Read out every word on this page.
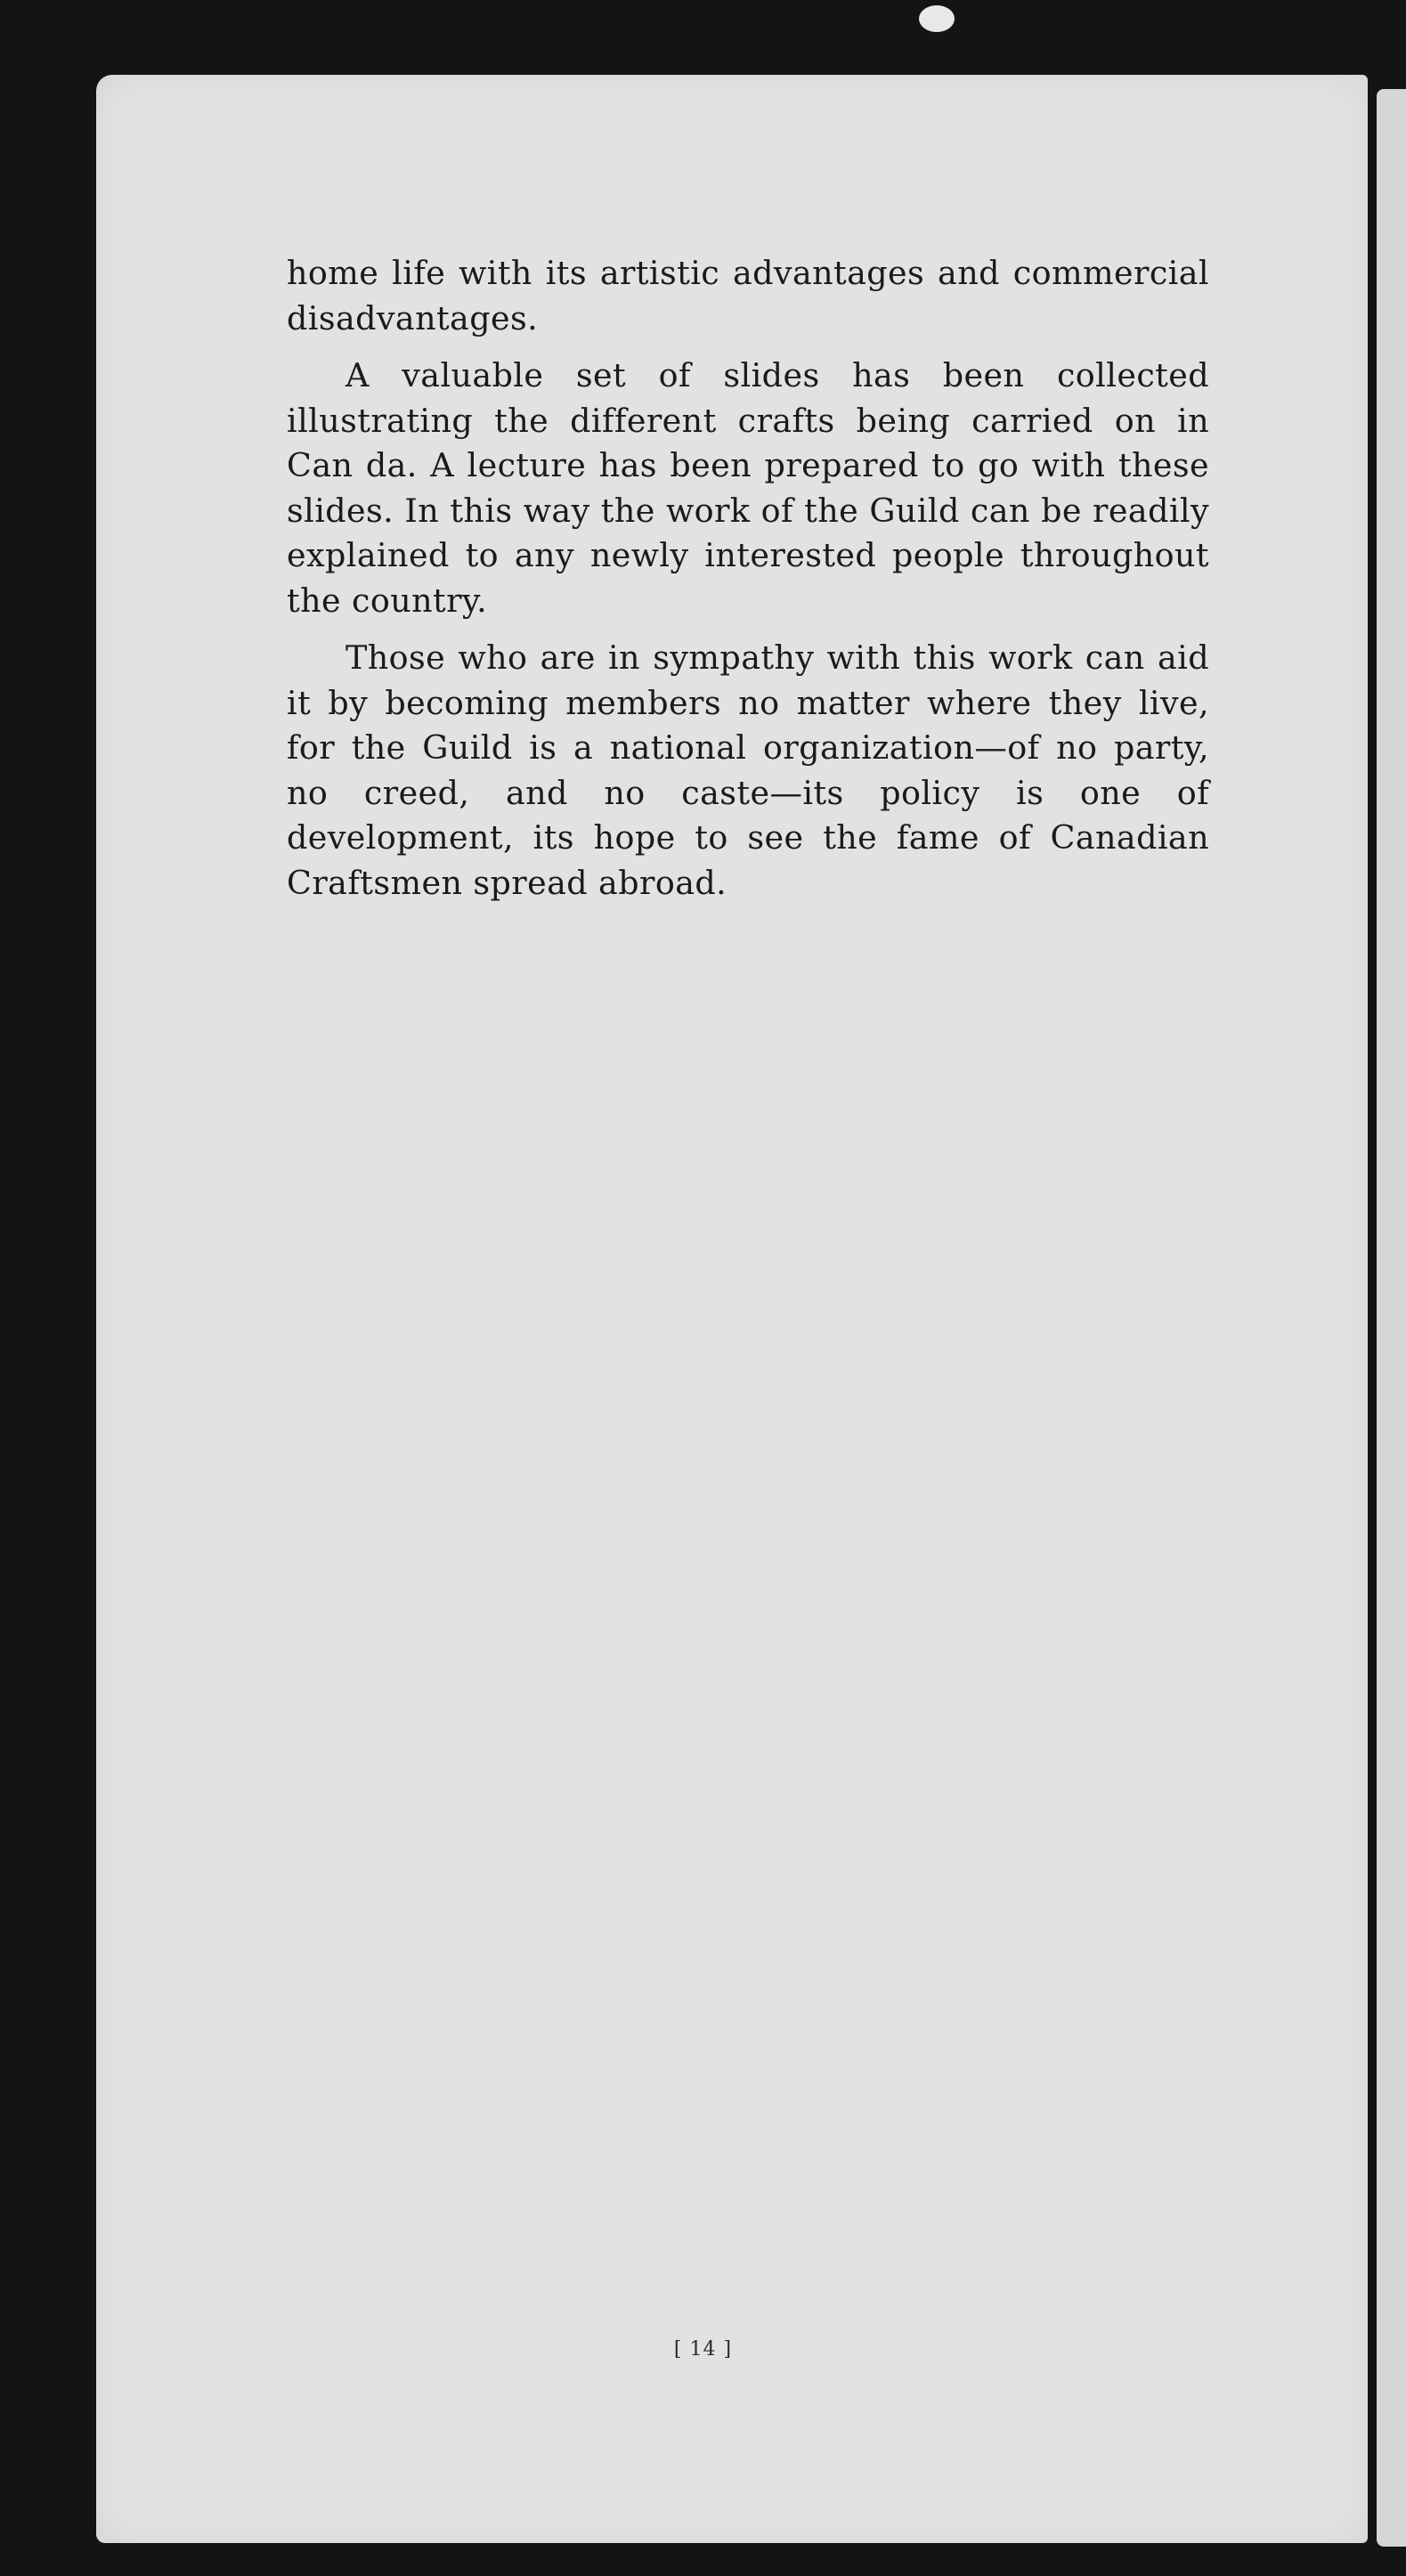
home life with its artistic advantages and commercial disadvantages.

A valuable set of slides has been collected illustrating the different crafts being carried on in Can da. A lecture has been prepared to go with these slides. In this way the work of the Guild can be readily explained to any newly interested people throughout the country.

Those who are in sympathy with this work can aid it by becoming members no matter where they live, for the Guild is a national organization—of no party, no creed, and no caste—its policy is one of development, its hope to see the fame of Canadian Craftsmen spread abroad.

[ 14 ]
